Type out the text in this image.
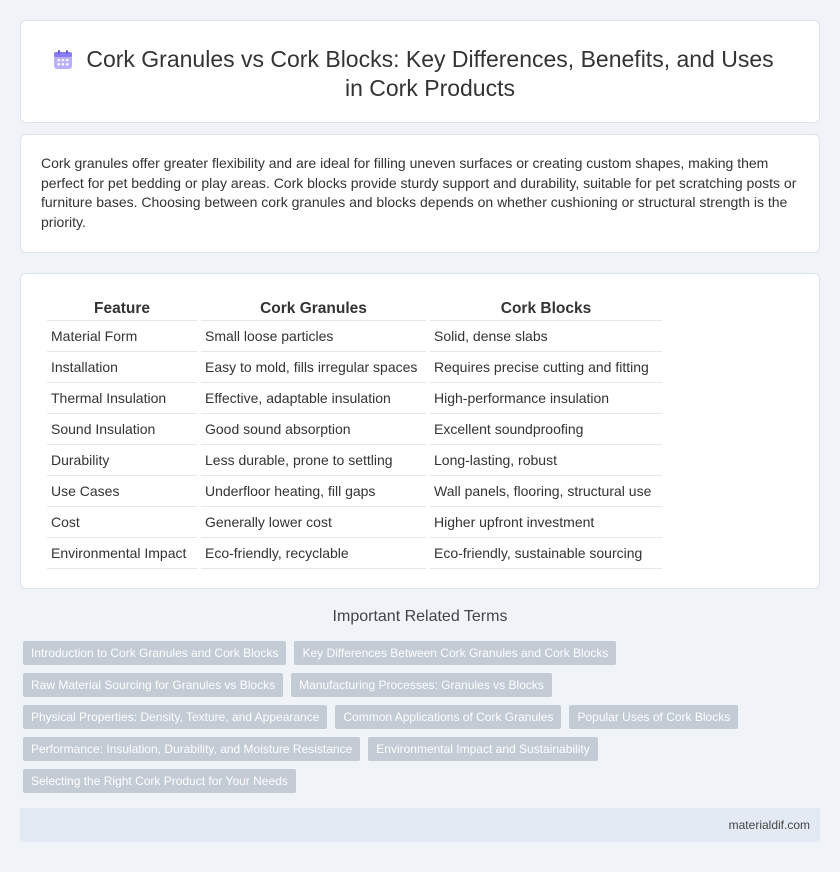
Cork Granules vs Cork Blocks: Key Differences, Benefits, and Uses in Cork Products

Cork granules offer greater flexibility and are ideal for filling uneven surfaces or creating custom shapes, making them perfect for pet bedding or play areas. Cork blocks provide sturdy support and durability, suitable for pet scratching posts or furniture bases. Choosing between cork granules and blocks depends on whether cushioning or structural strength is the priority.

Feature	Cork Granules	Cork Blocks
Material Form	Small loose particles	Solid, dense slabs
Installation	Easy to mold, fills irregular spaces	Requires precise cutting and fitting
Thermal Insulation	Effective, adaptable insulation	High-performance insulation
Sound Insulation	Good sound absorption	Excellent soundproofing
Durability	Less durable, prone to settling	Long-lasting, robust
Use Cases	Underfloor heating, fill gaps	Wall panels, flooring, structural use
Cost	Generally lower cost	Higher upfront investment
Environmental Impact	Eco-friendly, recyclable	Eco-friendly, sustainable sourcing
Important Related Terms
Introduction to Cork Granules and Cork Blocks	Key Differences Between Cork Granules and Cork Blocks
Raw Material Sourcing for Granules vs Blocks	Manufacturing Processes: Granules vs Blocks
Physical Properties: Density, Texture, and Appearance	Common Applications of Cork Granules	Popular Uses of Cork Blocks
Performance: Insulation, Durability, and Moisture Resistance	Environmental Impact and Sustainability
Selecting the Right Cork Product for Your Needs
materialdif.com
